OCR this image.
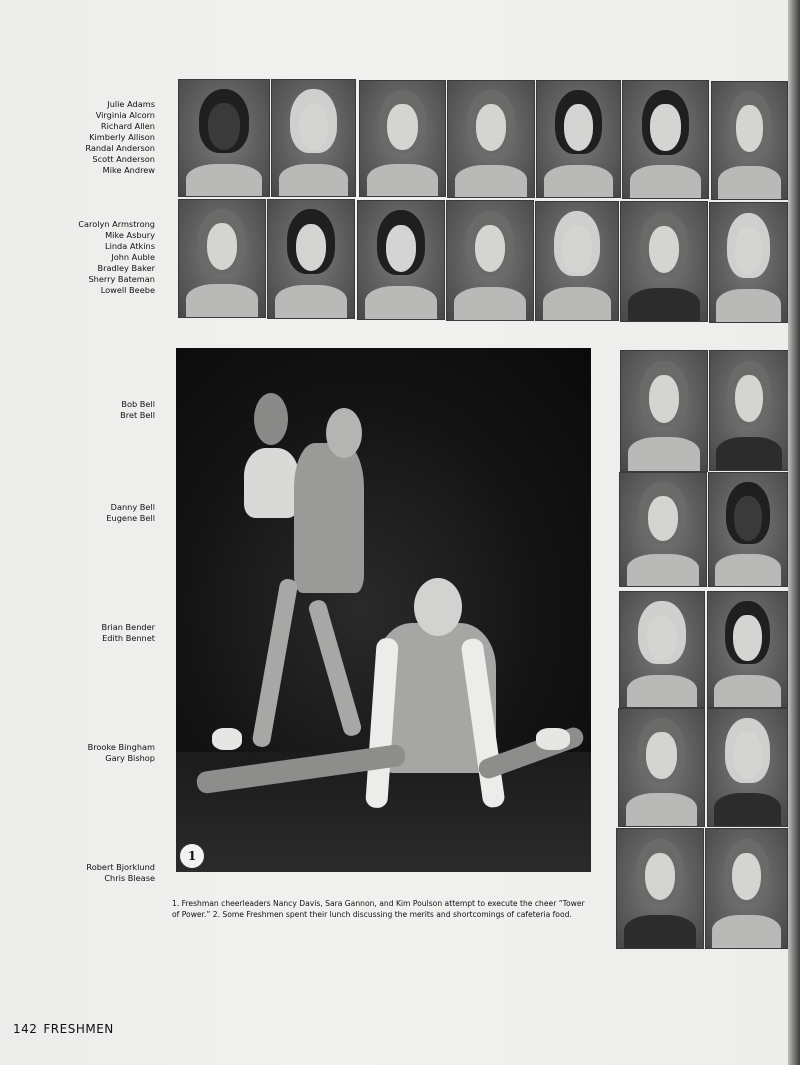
Julie Adams
Virginia Alcorn
Richard Allen
Kimberly Allison
Randal Anderson
Scott Anderson
Mike Andrew
Carolyn Armstrong
Mike Asbury
Linda Atkins
John Auble
Bradley Baker
Sherry Bateman
Lowell Beebe
Bob Bell
Bret Bell
Danny Bell
Eugene Bell
Brian Bender
Edith Bennet
Brooke Bingham
Gary Bishop
Robert Bjorklund
Chris Blease
1
1. Freshman cheerleaders Nancy Davis, Sara Gannon, and Kim Poulson attempt to execute the cheer “Tower of Power.” 2. Some Freshmen spent their lunch discussing the merits and shortcomings of cafeteria food.
142 FRESHMEN
